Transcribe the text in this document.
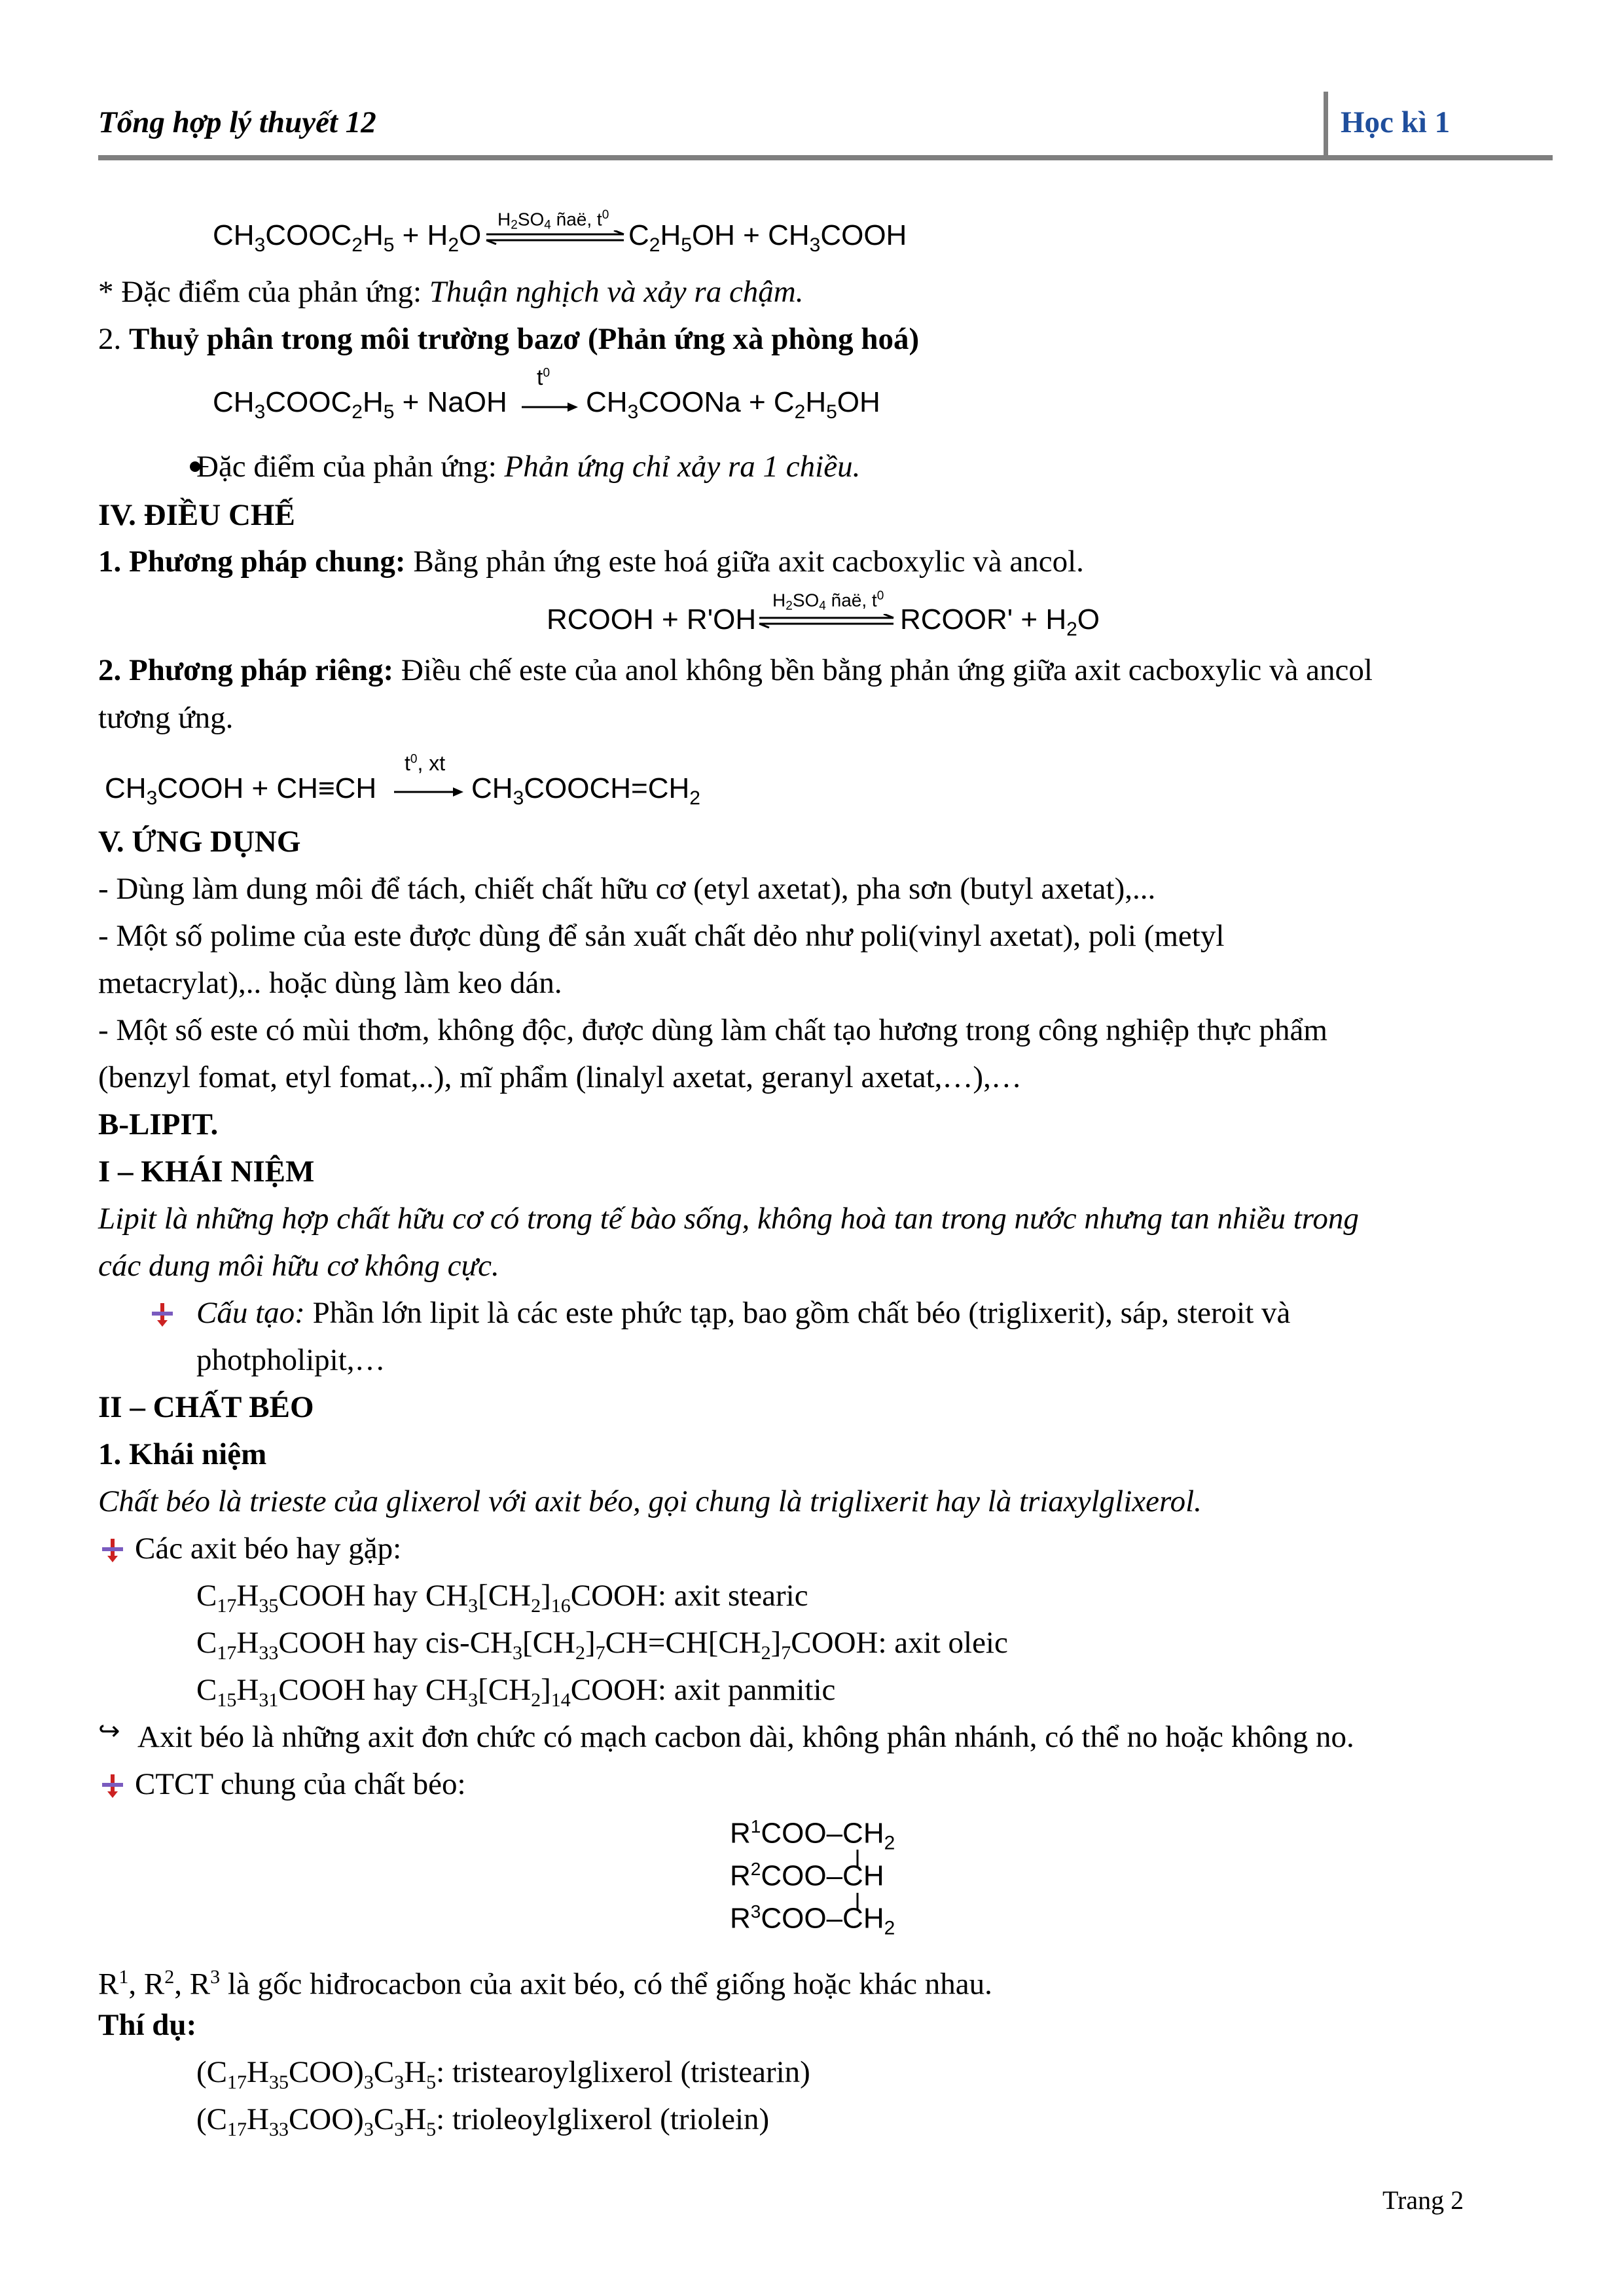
Tổng hợp lý thuyết 12	Học kì 1
$CH_3COOC_2H_5 + H_2O$
$H_2SO_4$ ñaë, $t^0$
$C_2H_5OH$ + $CH_3COOH$
* Đặc điểm của phản ứng: Thuận nghịch và xảy ra chậm.
2. Thuỷ phân trong môi trường bazơ (Phản ứng xà phòng hoá)
$CH_3COOC_2H_5$ + NaOH
$t^0$
$CH_3COONa + C_2H_5OH$
Đặc điểm của phản ứng: Phản ứng chỉ xảy ra 1 chiều.
IV. ĐIỀU CHẾ
1. Phương pháp chung: Bằng phản ứng este hoá giữa axit cacboxylic và ancol.
RCOOH + R'OH
$H_2SO_4$ ñaë, $t^0$
RCOOR' + $H_2O$
2. Phương pháp riêng: Điều chế este của anol không bền bằng phản ứng giữa axit cacboxylic và ancol
tương ứng.
$CH_3COOH + CH\equiv CH$
$t^0$, xt
$CH_3COOCH=CH_2$
V. ỨNG DỤNG
- Dùng làm dung môi để tách, chiết chất hữu cơ (etyl axetat), pha sơn (butyl axetat),...
- Một số polime của este được dùng để sản xuất chất dẻo như poli(vinyl axetat), poli (metyl
metacrylat),.. hoặc dùng làm keo dán.
- Một số este có mùi thơm, không độc, được dùng làm chất tạo hương trong công nghiệp thực phẩm
(benzyl fomat, etyl fomat,..), mĩ phẩm (linalyl axetat, geranyl axetat,…),…
B-LIPIT.
I – KHÁI NIỆM
Lipit là những hợp chất hữu cơ có trong tế bào sống, không hoà tan trong nước nhưng tan nhiều trong
các dung môi hữu cơ không cực.
Cấu tạo: Phần lớn lipit là các este phức tạp, bao gồm chất béo (triglixerit), sáp, steroit và
photpholipit,…
II – CHẤT BÉO
1. Khái niệm
Chất béo là trieste của glixerol với axit béo, gọi chung là triglixerit hay là triaxylglixerol.
Các axit béo hay gặp:
$C_{17}H_{35}COOH$ hay $CH_3[CH_2]_{16}COOH$: axit stearic
$C_{17}H_{33}COOH$ hay cis-$CH_3[CH_2]_7CH=CH[CH_2]_7COOH$: axit oleic
$C_{15}H_{31}COOH$ hay $CH_3[CH_2]_{14}COOH$: axit panmitic
↪ Axit béo là những axit đơn chức có mạch cacbon dài, không phân nhánh, có thể no hoặc không no.
CTCT chung của chất béo:
$R^1COO-CH_2$
$R^2COO-CH$
$R^3COO-CH_2$
$R^1$, $R^2$, $R^3$ là gốc hiđrocacbon của axit béo, có thể giống hoặc khác nhau.
Thí dụ:
$(C_{17}H_{35}COO)_3C_3H_5$: tristearoylglixerol (tristearin)
$(C_{17}H_{33}COO)_3C_3H_5$: trioleoylglixerol (triolein)
Trang 2
